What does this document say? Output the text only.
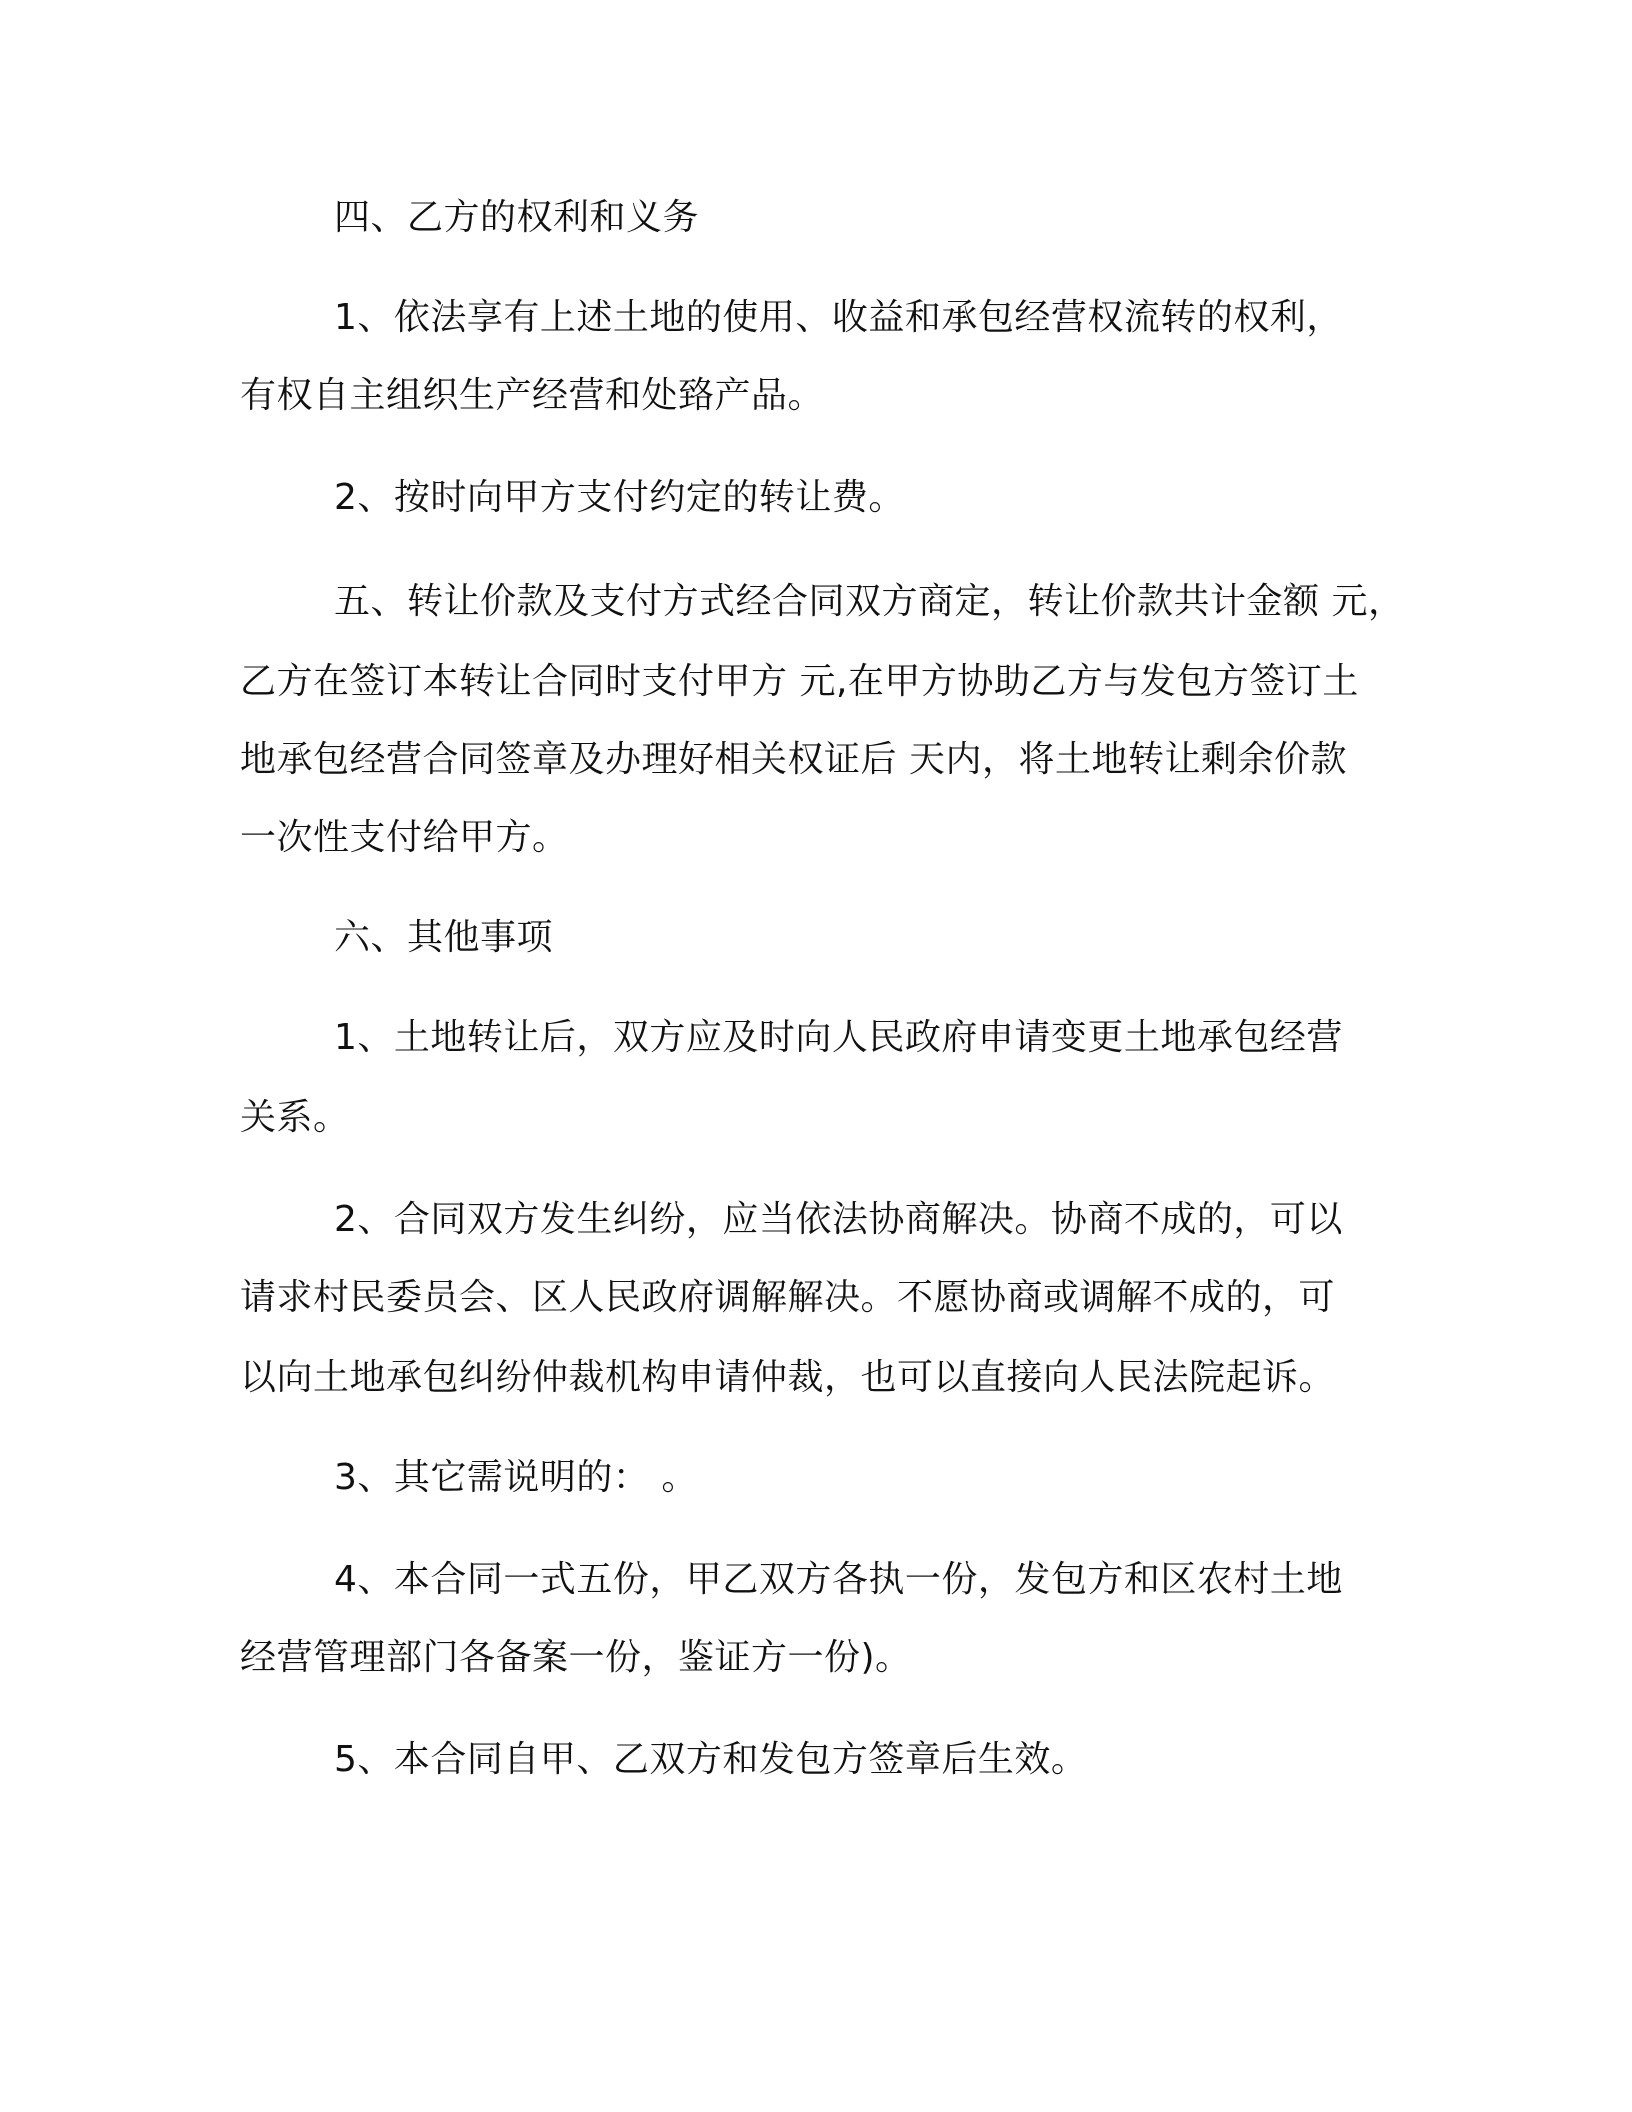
四、乙方的权利和义务
1、依法享有上述土地的使用、收益和承包经营权流转的权利，
有权自主组织生产经营和处臵产品。
2、按时向甲方支付约定的转让费。
五、转让价款及支付方式经合同双方商定，转让价款共计金额 元，
乙方在签订本转让合同时支付甲方 元,在甲方协助乙方与发包方签订土
地承包经营合同签章及办理好相关权证后 天内，将土地转让剩余价款
一次性支付给甲方。
六、其他事项
1、土地转让后，双方应及时向人民政府申请变更土地承包经营
关系。
2、合同双方发生纠纷，应当依法协商解决。协商不成的，可以
请求村民委员会、区人民政府调解解决。不愿协商或调解不成的，可
以向土地承包纠纷仲裁机构申请仲裁，也可以直接向人民法院起诉。
3、其它需说明的： 。
4、本合同一式五份，甲乙双方各执一份，发包方和区农村土地
经营管理部门各备案一份，鉴证方一份)。
5、本合同自甲、乙双方和发包方签章后生效。
